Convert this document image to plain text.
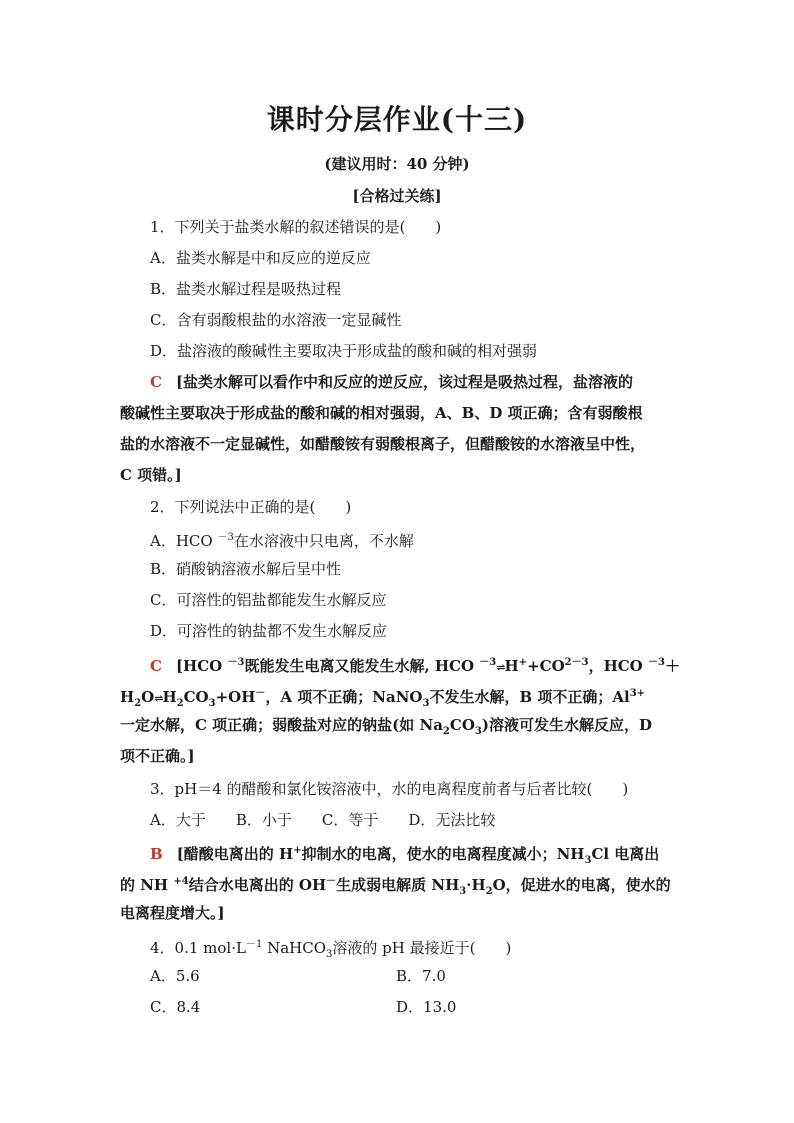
课时分层作业(十三)
(建议用时：40 分钟)
[合格过关练]
1．下列关于盐类水解的叙述错误的是(　　)
A．盐类水解是中和反应的逆反应
B．盐类水解过程是吸热过程
C．含有弱酸根盐的水溶液一定显碱性
D．盐溶液的酸碱性主要取决于形成盐的酸和碱的相对强弱
C [盐类水解可以看作中和反应的逆反应，该过程是吸热过程，盐溶液的
酸碱性主要取决于形成盐的酸和碱的相对强弱，A、B、D 项正确；含有弱酸根
盐的水溶液不一定显碱性，如醋酸铵有弱酸根离子，但醋酸铵的水溶液呈中性，
C 项错。]
2．下列说法中正确的是(　　)
A．HCO $^{-3}$在水溶液中只电离，不水解
B．硝酸钠溶液水解后呈中性
C．可溶性的铝盐都能发生水解反应
D．可溶性的钠盐都不发生水解反应
C [HCO $^{-3}$既能发生电离又能发生水解, HCO $^{-3}\rightleftharpoons H^++CO^{2-3}$，HCO $^{-3}$＋
$H_2O\rightleftharpoons H_2CO_3+OH^-$，A 项不正确；NaNO$_3$不发生水解，B 项不正确；$Al^{3+}$
一定水解，C 项正确；弱酸盐对应的钠盐(如 $Na_2CO_3$)溶液可发生水解反应，D
项不正确。]
3．pH＝4 的醋酸和氯化铵溶液中，水的电离程度前者与后者比较(　　)
A．大于　　B．小于　　C．等于　　D．无法比较
B [醋酸电离出的 H+抑制水的电离，使水的电离程度减小；$NH_3Cl$ 电离出
的 NH $^{+4}$结合水电离出的 OH－生成弱电解质 $NH_3\cdot H_2O$，促进水的电离，使水的
电离程度增大。]
4．0.1 $mol\cdot L^{-1}$ NaHCO$_3$溶液的 pH 最接近于(　　)
A．5.6	B．7.0
C．8.4	D．13.0
